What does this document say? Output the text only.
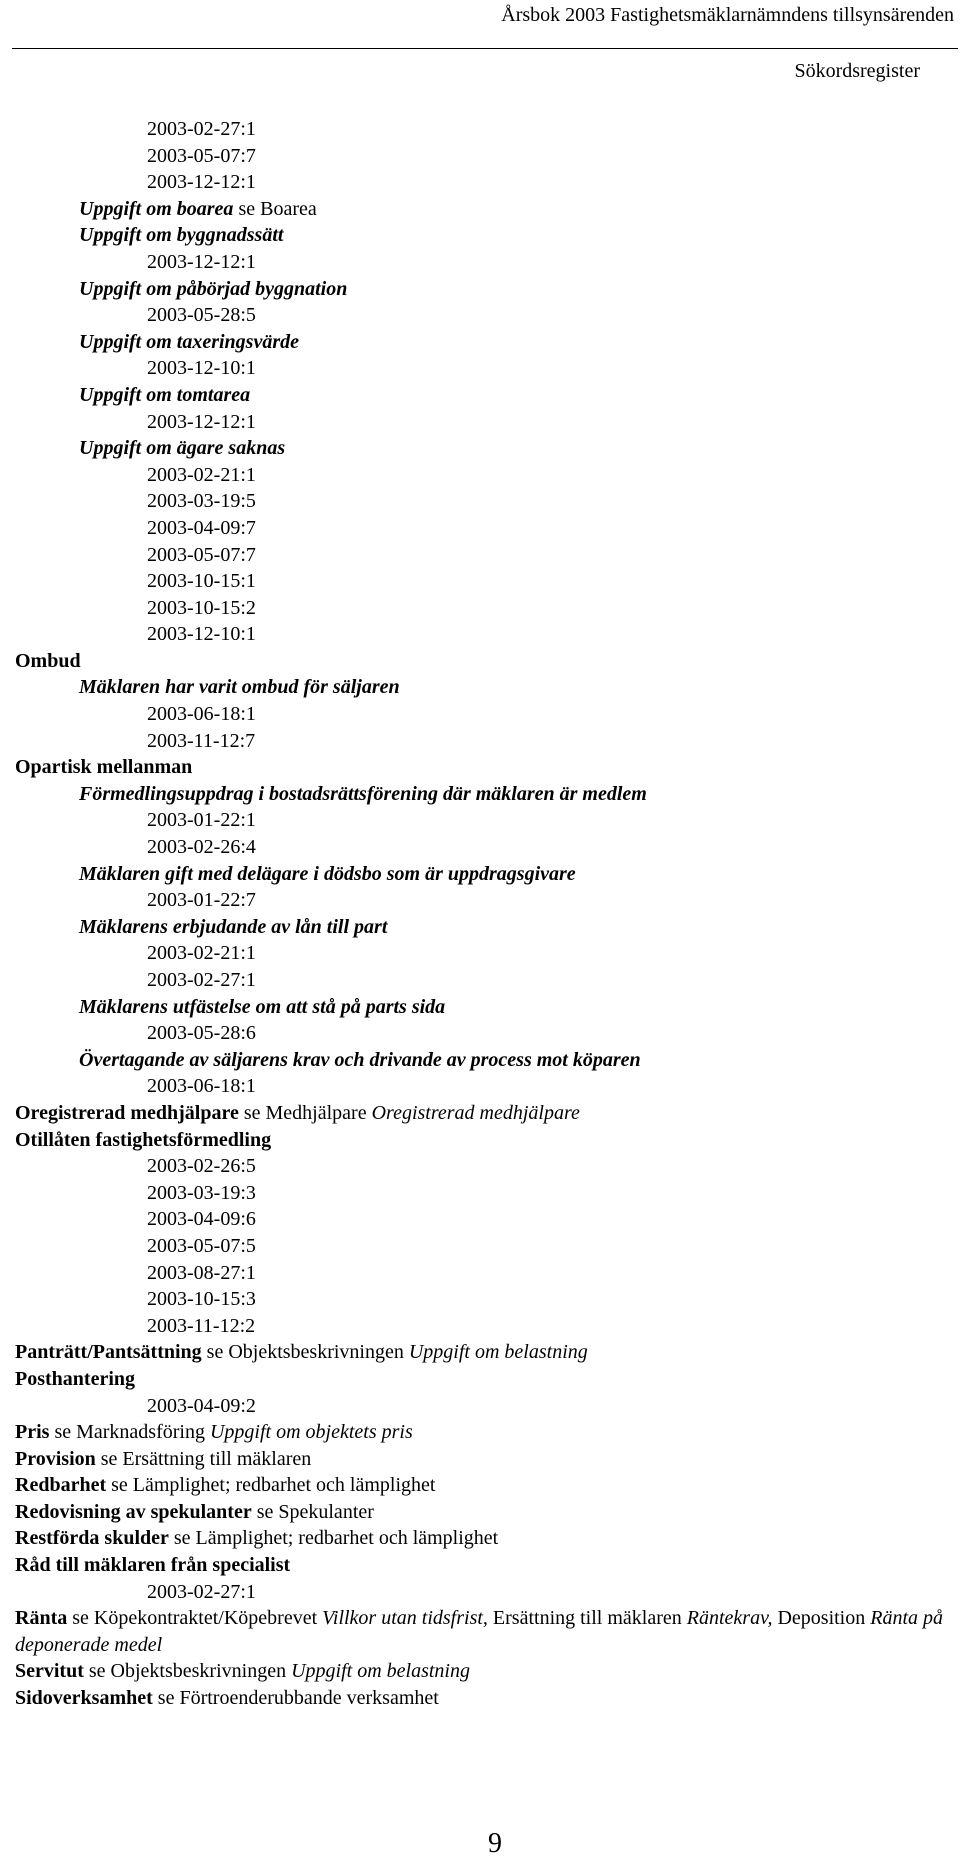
Årsbok 2003 Fastighetsmäklarnämndens tillsynsärenden
Sökordsregister
2003-02-27:1
2003-05-07:7
2003-12-12:1
Uppgift om boarea se Boarea
Uppgift om byggnadssätt
2003-12-12:1
Uppgift om påbörjad byggnation
2003-05-28:5
Uppgift om taxeringsvärde
2003-12-10:1
Uppgift om tomtarea
2003-12-12:1
Uppgift om ägare saknas
2003-02-21:1
2003-03-19:5
2003-04-09:7
2003-05-07:7
2003-10-15:1
2003-10-15:2
2003-12-10:1
Ombud
Mäklaren har varit ombud för säljaren
2003-06-18:1
2003-11-12:7
Opartisk mellanman
Förmedlingsuppdrag i bostadsrättsförening där mäklaren är medlem
2003-01-22:1
2003-02-26:4
Mäklaren gift med delägare i dödsbo som är uppdragsgivare
2003-01-22:7
Mäklarens erbjudande av lån till part
2003-02-21:1
2003-02-27:1
Mäklarens utfästelse om att stå på parts sida
2003-05-28:6
Övertagande av säljarens krav och drivande av process mot köparen
2003-06-18:1
Oregistrerad medhjälpare se Medhjälpare Oregistrerad medhjälpare
Otillåten fastighetsförmedling
2003-02-26:5
2003-03-19:3
2003-04-09:6
2003-05-07:5
2003-08-27:1
2003-10-15:3
2003-11-12:2
Panträtt/Pantsättning se Objektsbeskrivningen Uppgift om belastning
Posthantering
2003-04-09:2
Pris se Marknadsföring Uppgift om objektets pris
Provision se Ersättning till mäklaren
Redbarhet se Lämplighet; redbarhet och lämplighet
Redovisning av spekulanter se Spekulanter
Restförda skulder se Lämplighet; redbarhet och lämplighet
Råd till mäklaren från specialist
2003-02-27:1
Ränta se Köpekontraktet/Köpebrevet Villkor utan tidsfrist, Ersättning till mäklaren Räntekrav, Deposition Ränta på deponerade medel
Servitut se Objektsbeskrivningen Uppgift om belastning
Sidoverksamhet se Förtroenderubbande verksamhet
9
